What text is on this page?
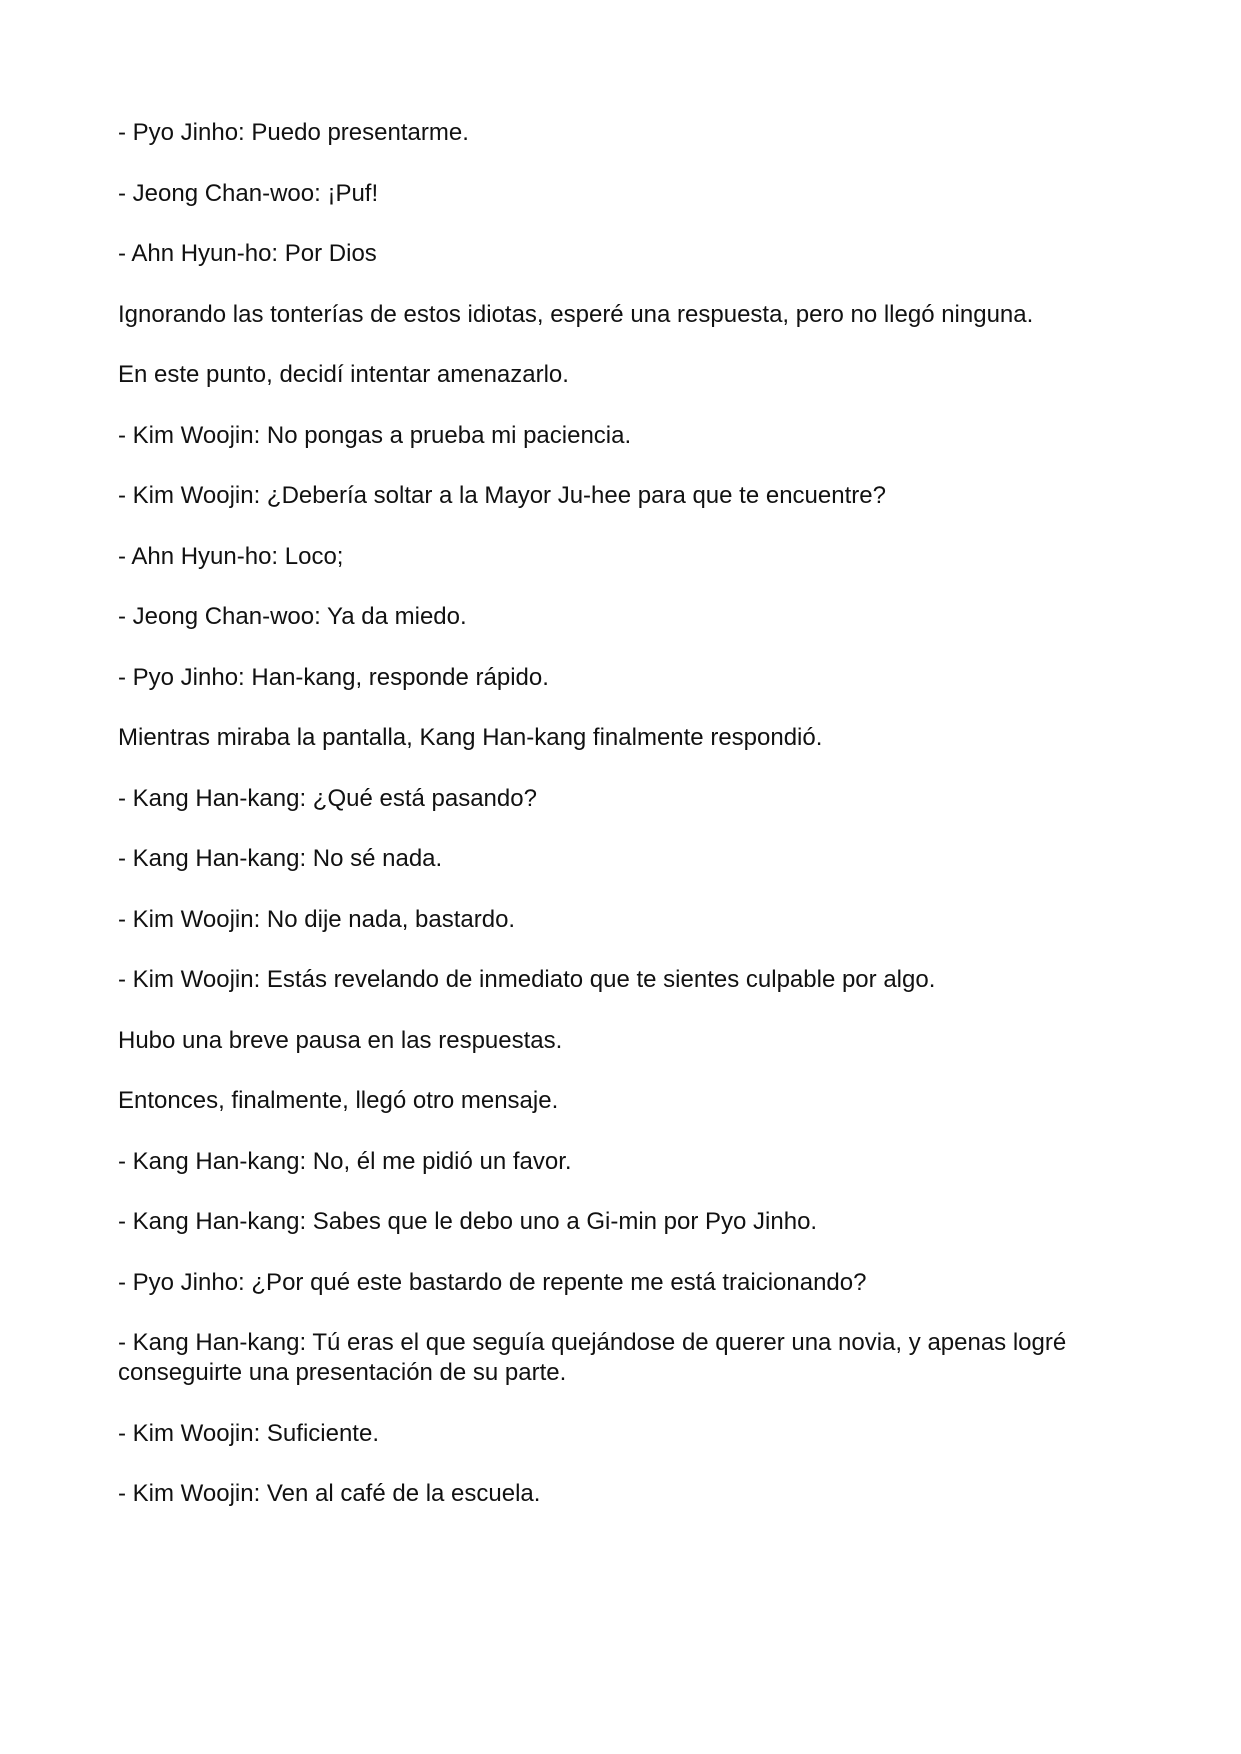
- Pyo Jinho: Puedo presentarme.

- Jeong Chan-woo: ¡Puf!

- Ahn Hyun-ho: Por Dios

Ignorando las tonterías de estos idiotas, esperé una respuesta, pero no llegó ninguna.

En este punto, decidí intentar amenazarlo.

- Kim Woojin: No pongas a prueba mi paciencia.

- Kim Woojin: ¿Debería soltar a la Mayor Ju-hee para que te encuentre?

- Ahn Hyun-ho: Loco;

- Jeong Chan-woo: Ya da miedo.

- Pyo Jinho: Han-kang, responde rápido.

Mientras miraba la pantalla, Kang Han-kang finalmente respondió.

- Kang Han-kang: ¿Qué está pasando?

- Kang Han-kang: No sé nada.

- Kim Woojin: No dije nada, bastardo.

- Kim Woojin: Estás revelando de inmediato que te sientes culpable por algo.

Hubo una breve pausa en las respuestas.

Entonces, finalmente, llegó otro mensaje.

- Kang Han-kang: No, él me pidió un favor.

- Kang Han-kang: Sabes que le debo uno a Gi-min por Pyo Jinho.

- Pyo Jinho: ¿Por qué este bastardo de repente me está traicionando?

- Kang Han-kang: Tú eras el que seguía quejándose de querer una novia, y apenas logré conseguirte una presentación de su parte.

- Kim Woojin: Suficiente.

- Kim Woojin: Ven al café de la escuela.
